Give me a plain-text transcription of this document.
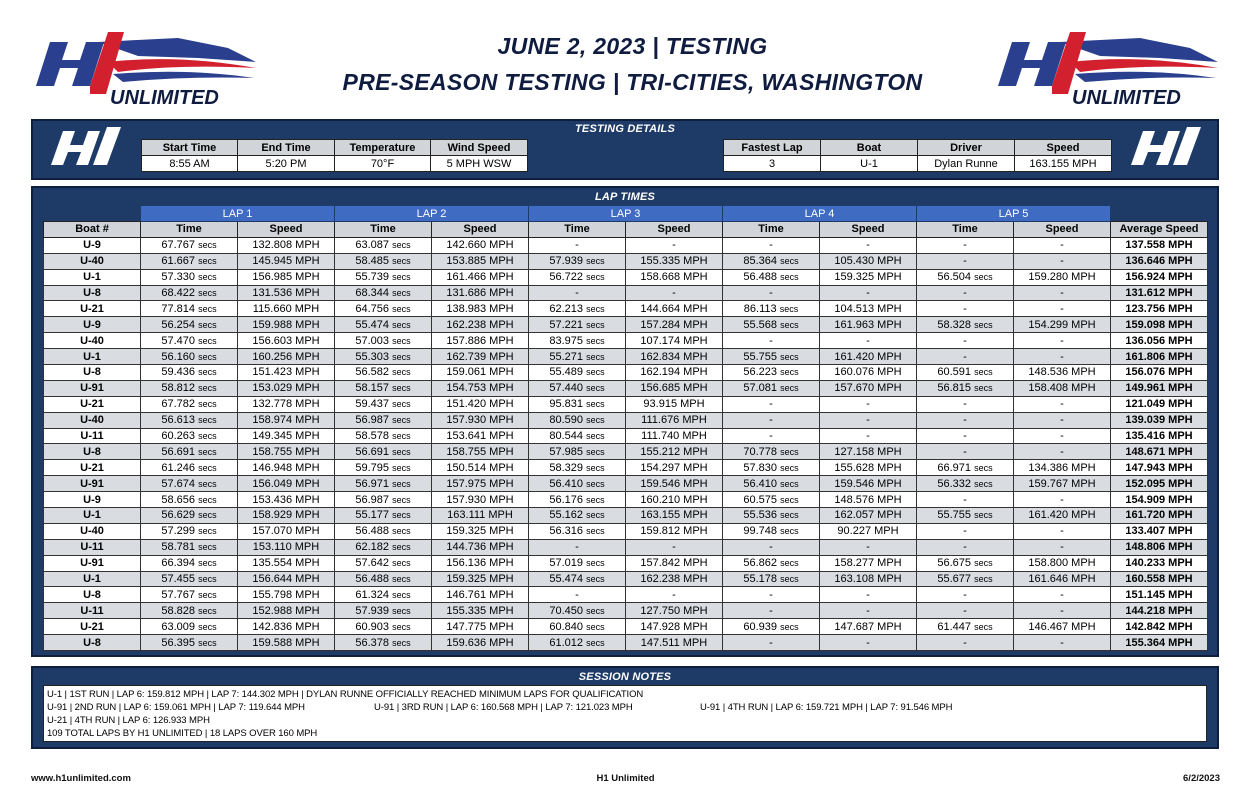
UNLIMITED
JUNE 2, 2023 | TESTING
PRE-SEASON TESTING | TRI-CITIES, WASHINGTON
UNLIMITED
TESTING DETAILS
Start Time	End Time	Temperature	Wind Speed
8:55 AM	5:20 PM	70°F	5 MPH WSW
Fastest Lap	Boat	Driver	Speed
3	U-1	Dylan Runne	163.155 MPH
LAP TIMES
	LAP 1		LAP 2		LAP 3		LAP 4		LAP 5		
Boat #	Time	Speed	Time	Speed	Time	Speed	Time	Speed	Time	Speed	Average Speed
U-9	67.767 secs	132.808 MPH	63.087 secs	142.660 MPH	-	-	-	-	-	-	137.558 MPH
U-40	61.667 secs	145.945 MPH	58.485 secs	153.885 MPH	57.939 secs	155.335 MPH	85.364 secs	105.430 MPH	-	-	136.646 MPH
U-1	57.330 secs	156.985 MPH	55.739 secs	161.466 MPH	56.722 secs	158.668 MPH	56.488 secs	159.325 MPH	56.504 secs	159.280 MPH	156.924 MPH
U-8	68.422 secs	131.536 MPH	68.344 secs	131.686 MPH	-	-	-	-	-	-	131.612 MPH
U-21	77.814 secs	115.660 MPH	64.756 secs	138.983 MPH	62.213 secs	144.664 MPH	86.113 secs	104.513 MPH	-	-	123.756 MPH
U-9	56.254 secs	159.988 MPH	55.474 secs	162.238 MPH	57.221 secs	157.284 MPH	55.568 secs	161.963 MPH	58.328 secs	154.299 MPH	159.098 MPH
U-40	57.470 secs	156.603 MPH	57.003 secs	157.886 MPH	83.975 secs	107.174 MPH	-	-	-	-	136.056 MPH
U-1	56.160 secs	160.256 MPH	55.303 secs	162.739 MPH	55.271 secs	162.834 MPH	55.755 secs	161.420 MPH	-	-	161.806 MPH
U-8	59.436 secs	151.423 MPH	56.582 secs	159.061 MPH	55.489 secs	162.194 MPH	56.223 secs	160.076 MPH	60.591 secs	148.536 MPH	156.076 MPH
U-91	58.812 secs	153.029 MPH	58.157 secs	154.753 MPH	57.440 secs	156.685 MPH	57.081 secs	157.670 MPH	56.815 secs	158.408 MPH	149.961 MPH
U-21	67.782 secs	132.778 MPH	59.437 secs	151.420 MPH	95.831 secs	93.915 MPH	-	-	-	-	121.049 MPH
U-40	56.613 secs	158.974 MPH	56.987 secs	157.930 MPH	80.590 secs	111.676 MPH	-	-	-	-	139.039 MPH
U-11	60.263 secs	149.345 MPH	58.578 secs	153.641 MPH	80.544 secs	111.740 MPH	-	-	-	-	135.416 MPH
U-8	56.691 secs	158.755 MPH	56.691 secs	158.755 MPH	57.985 secs	155.212 MPH	70.778 secs	127.158 MPH	-	-	148.671 MPH
U-21	61.246 secs	146.948 MPH	59.795 secs	150.514 MPH	58.329 secs	154.297 MPH	57.830 secs	155.628 MPH	66.971 secs	134.386 MPH	147.943 MPH
U-91	57.674 secs	156.049 MPH	56.971 secs	157.975 MPH	56.410 secs	159.546 MPH	56.410 secs	159.546 MPH	56.332 secs	159.767 MPH	152.095 MPH
U-9	58.656 secs	153.436 MPH	56.987 secs	157.930 MPH	56.176 secs	160.210 MPH	60.575 secs	148.576 MPH	-	-	154.909 MPH
U-1	56.629 secs	158.929 MPH	55.177 secs	163.111 MPH	55.162 secs	163.155 MPH	55.536 secs	162.057 MPH	55.755 secs	161.420 MPH	161.720 MPH
U-40	57.299 secs	157.070 MPH	56.488 secs	159.325 MPH	56.316 secs	159.812 MPH	99.748 secs	90.227 MPH	-	-	133.407 MPH
U-11	58.781 secs	153.110 MPH	62.182 secs	144.736 MPH	-	-	-	-	-	-	148.806 MPH
U-91	66.394 secs	135.554 MPH	57.642 secs	156.136 MPH	57.019 secs	157.842 MPH	56.862 secs	158.277 MPH	56.675 secs	158.800 MPH	140.233 MPH
U-1	57.455 secs	156.644 MPH	56.488 secs	159.325 MPH	55.474 secs	162.238 MPH	55.178 secs	163.108 MPH	55.677 secs	161.646 MPH	160.558 MPH
U-8	57.767 secs	155.798 MPH	61.324 secs	146.761 MPH	-	-	-	-	-	-	151.145 MPH
U-11	58.828 secs	152.988 MPH	57.939 secs	155.335 MPH	70.450 secs	127.750 MPH	-	-	-	-	144.218 MPH
U-21	63.009 secs	142.836 MPH	60.903 secs	147.775 MPH	60.840 secs	147.928 MPH	60.939 secs	147.687 MPH	61.447 secs	146.467 MPH	142.842 MPH
U-8	56.395 secs	159.588 MPH	56.378 secs	159.636 MPH	61.012 secs	147.511 MPH	-	-	-	-	155.364 MPH
SESSION NOTES
U-1 | 1ST RUN | LAP 6: 159.812 MPH | LAP 7: 144.302 MPH | DYLAN RUNNE OFFICIALLY REACHED MINIMUM LAPS FOR QUALIFICATION
U-91 | 2ND RUN | LAP 6: 159.061 MPH | LAP 7: 119.644 MPH	U-91 | 3RD RUN | LAP 6: 160.568 MPH | LAP 7: 121.023 MPH	U-91 | 4TH RUN | LAP 6: 159.721 MPH | LAP 7: 91.546 MPH
U-21 | 4TH RUN | LAP 6: 126.933 MPH
109 TOTAL LAPS BY H1 UNLIMITED | 18 LAPS OVER 160 MPH
www.h1unlimited.com	H1 Unlimited	6/2/2023
